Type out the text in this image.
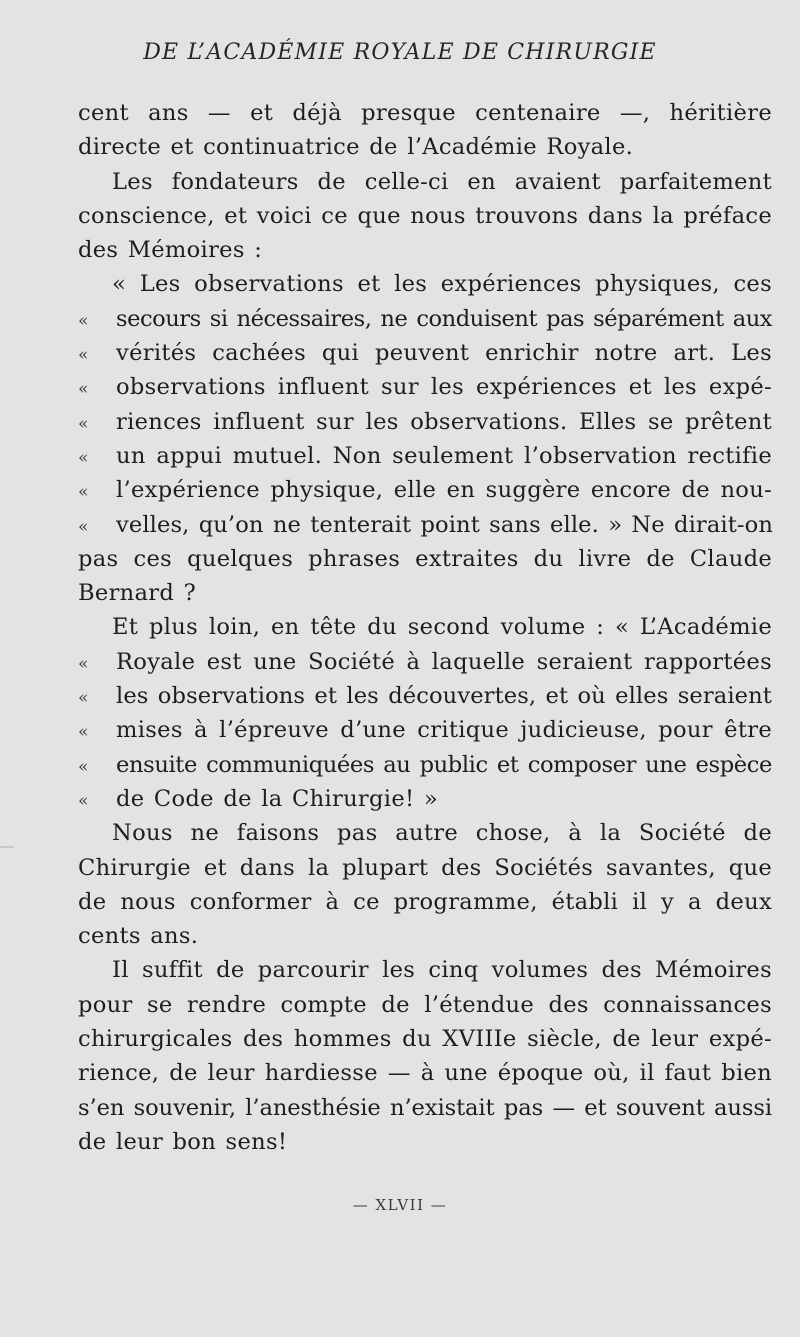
DE L’ACADÉMIE ROYALE DE CHIRURGIE
cent ans — et déjà presque centenaire —, héritière
directe et continuatrice de l’Académie Royale.
Les fondateurs de celle-ci en avaient parfaitement
conscience, et voici ce que nous trouvons dans la préface
des Mémoires :
« Les observations et les expériences physiques, ces
« secours si nécessaires, ne conduisent pas séparément aux
« vérités cachées qui peuvent enrichir notre art. Les
« observations influent sur les expériences et les expé-
« riences influent sur les observations. Elles se prêtent
« un appui mutuel. Non seulement l’observation rectifie
« l’expérience physique, elle en suggère encore de nou-
« velles, qu’on ne tenterait point sans elle. » Ne dirait-on
pas ces quelques phrases extraites du livre de Claude
Bernard ?
Et plus loin, en tête du second volume : « L’Académie
« Royale est une Société à laquelle seraient rapportées
« les observations et les découvertes, et où elles seraient
« mises à l’épreuve d’une critique judicieuse, pour être
« ensuite communiquées au public et composer une espèce
« de Code de la Chirurgie! »
Nous ne faisons pas autre chose, à la Société de
Chirurgie et dans la plupart des Sociétés savantes, que
de nous conformer à ce programme, établi il y a deux
cents ans.
Il suffit de parcourir les cinq volumes des Mémoires
pour se rendre compte de l’étendue des connaissances
chirurgicales des hommes du XVIIIe siècle, de leur expé-
rience, de leur hardiesse — à une époque où, il faut bien
s’en souvenir, l’anesthésie n’existait pas — et souvent aussi
de leur bon sens!
— XLVII —
